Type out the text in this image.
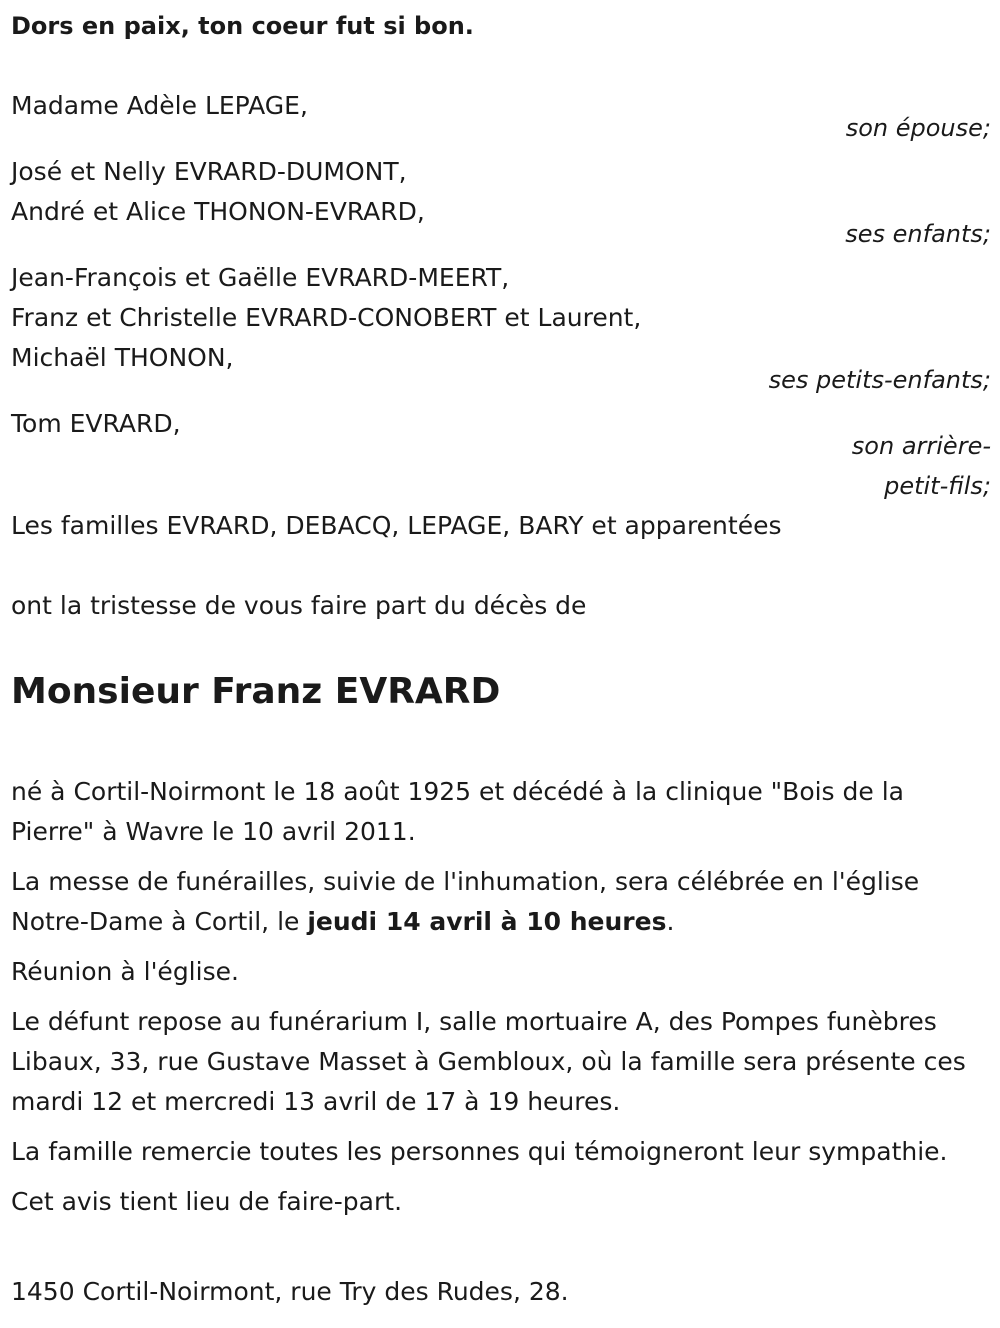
Dors en paix, ton coeur fut si bon.
Madame Adèle LEPAGE,
son épouse;
José et Nelly EVRARD-DUMONT,
André et Alice THONON-EVRARD,
ses enfants;
Jean-François et Gaëlle EVRARD-MEERT,
Franz et Christelle EVRARD-CONOBERT et Laurent,
Michaël THONON,
ses petits-enfants;
Tom EVRARD,
son arrière-
petit-fils;
Les familles EVRARD, DEBACQ, LEPAGE, BARY et apparentées
ont la tristesse de vous faire part du décès de
Monsieur Franz EVRARD

né à Cortil-Noirmont le 18 août 1925 et décédé à la clinique "Bois de la Pierre" à Wavre le 10 avril 2011.

La messe de funérailles, suivie de l'inhumation, sera célébrée en l'église Notre-Dame à Cortil, le jeudi 14 avril à 10 heures.

Réunion à l'église.

Le défunt repose au funérarium I, salle mortuaire A, des Pompes funèbres Libaux, 33, rue Gustave Masset à Gembloux, où la famille sera présente ces mardi 12 et mercredi 13 avril de 17 à 19 heures.

La famille remercie toutes les personnes qui témoigneront leur sympathie.

Cet avis tient lieu de faire-part.

1450 Cortil-Noirmont, rue Try des Rudes, 28.
